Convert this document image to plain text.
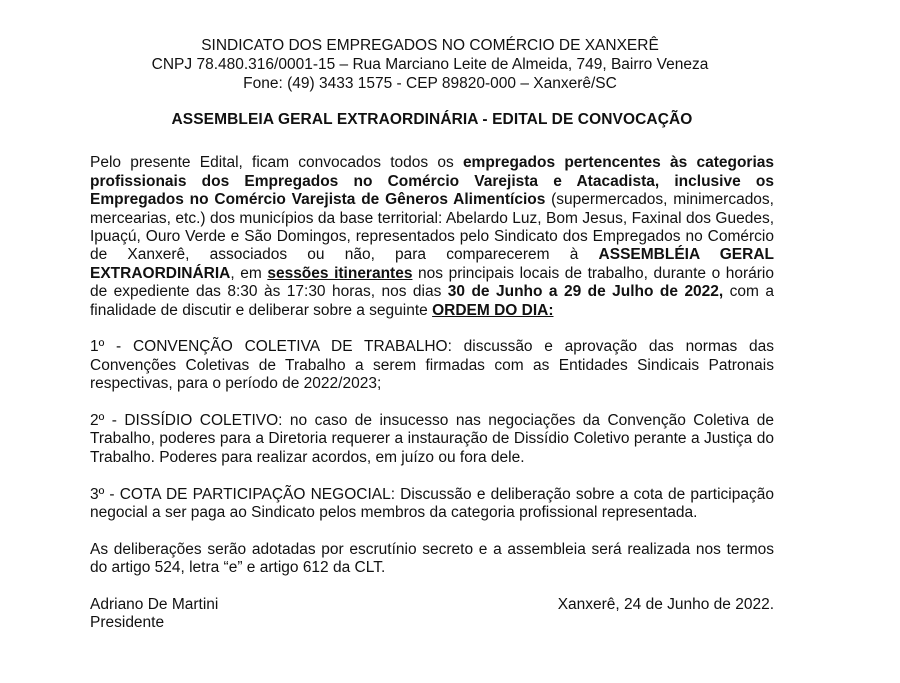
SINDICATO DOS EMPREGADOS NO COMÉRCIO DE XANXERÊ
CNPJ 78.480.316/0001-15 – Rua Marciano Leite de Almeida, 749, Bairro Veneza
Fone: (49) 3433 1575 - CEP 89820-000 – Xanxerê/SC
ASSEMBLEIA GERAL EXTRAORDINÁRIA - EDITAL DE CONVOCAÇÃO

Pelo presente Edital, ficam convocados todos os empregados pertencentes às categorias profissionais dos Empregados no Comércio Varejista e Atacadista, inclusive os Empregados no Comércio Varejista de Gêneros Alimentícios (supermercados, minimercados, mercearias, etc.) dos municípios da base territorial: Abelardo Luz, Bom Jesus, Faxinal dos Guedes, Ipuaçú, Ouro Verde e São Domingos, representados pelo Sindicato dos Empregados no Comércio de Xanxerê, associados ou não, para comparecerem à ASSEMBLÉIA GERAL EXTRAORDINÁRIA, em sessões itinerantes nos principais locais de trabalho, durante o horário de expediente das 8:30 às 17:30 horas, nos dias 30 de Junho a 29 de Julho de 2022, com a finalidade de discutir e deliberar sobre a seguinte ORDEM DO DIA:

1º - CONVENÇÃO COLETIVA DE TRABALHO: discussão e aprovação das normas das Convenções Coletivas de Trabalho a serem firmadas com as Entidades Sindicais Patronais respectivas, para o período de 2022/2023;

2º - DISSÍDIO COLETIVO: no caso de insucesso nas negociações da Convenção Coletiva de Trabalho, poderes para a Diretoria requerer a instauração de Dissídio Coletivo perante a Justiça do Trabalho. Poderes para realizar acordos, em juízo ou fora dele.

3º - COTA DE PARTICIPAÇÃO NEGOCIAL: Discussão e deliberação sobre a cota de participação negocial a ser paga ao Sindicato pelos membros da categoria profissional representada.

As deliberações serão adotadas por escrutínio secreto e a assembleia será realizada nos termos do artigo 524, letra “e” e artigo 612 da CLT.

Adriano De Martini
Presidente
Xanxerê, 24 de Junho de 2022.
